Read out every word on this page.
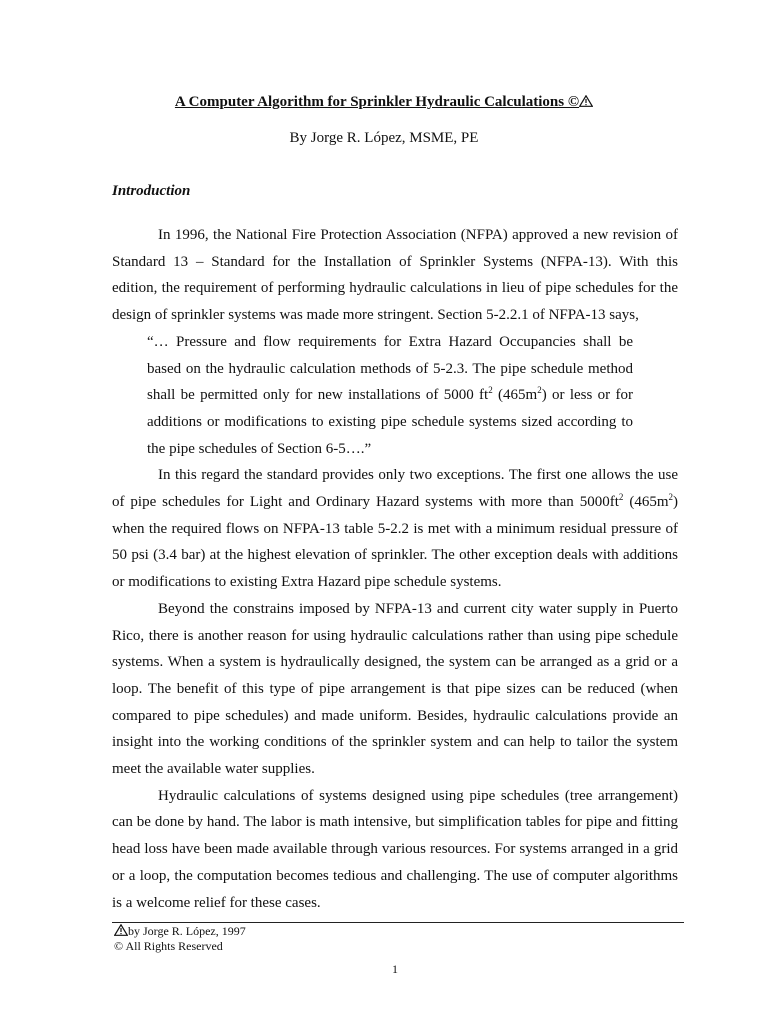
A Computer Algorithm for Sprinkler Hydraulic Calculations ©
By Jorge R. López, MSME, PE
Introduction

In 1996, the National Fire Protection Association (NFPA) approved a new revision of Standard 13 – Standard for the Installation of Sprinkler Systems (NFPA-13). With this edition, the requirement of performing hydraulic calculations in lieu of pipe schedules for the design of sprinkler systems was made more stringent. Section 5-2.2.1 of NFPA-13 says,

“… Pressure and flow requirements for Extra Hazard Occupancies shall be based on the hydraulic calculation methods of 5-2.3. The pipe schedule method shall be permitted only for new installations of 5000 $ft^2$ $(465m^2)$ or less or for additions or modifications to existing pipe schedule systems sized according to the pipe schedules of Section 6-5….”

In this regard the standard provides only two exceptions. The first one allows the use of pipe schedules for Light and Ordinary Hazard systems with more than $5000ft^2$ $(465m^2)$ when the required flows on NFPA-13 table 5-2.2 is met with a minimum residual pressure of 50 psi (3.4 bar) at the highest elevation of sprinkler. The other exception deals with additions or modifications to existing Extra Hazard pipe schedule systems.

Beyond the constrains imposed by NFPA-13 and current city water supply in Puerto Rico, there is another reason for using hydraulic calculations rather than using pipe schedule systems. When a system is hydraulically designed, the system can be arranged as a grid or a loop. The benefit of this type of pipe arrangement is that pipe sizes can be reduced (when compared to pipe schedules) and made uniform. Besides, hydraulic calculations provide an insight into the working conditions of the sprinkler system and can help to tailor the system meet the available water supplies.

Hydraulic calculations of systems designed using pipe schedules (tree arrangement) can be done by hand. The labor is math intensive, but simplification tables for pipe and fitting head loss have been made available through various resources. For systems arranged in a grid or a loop, the computation becomes tedious and challenging. The use of computer algorithms is a welcome relief for these cases.

by Jorge R. López, 1997
© All Rights Reserved
1
